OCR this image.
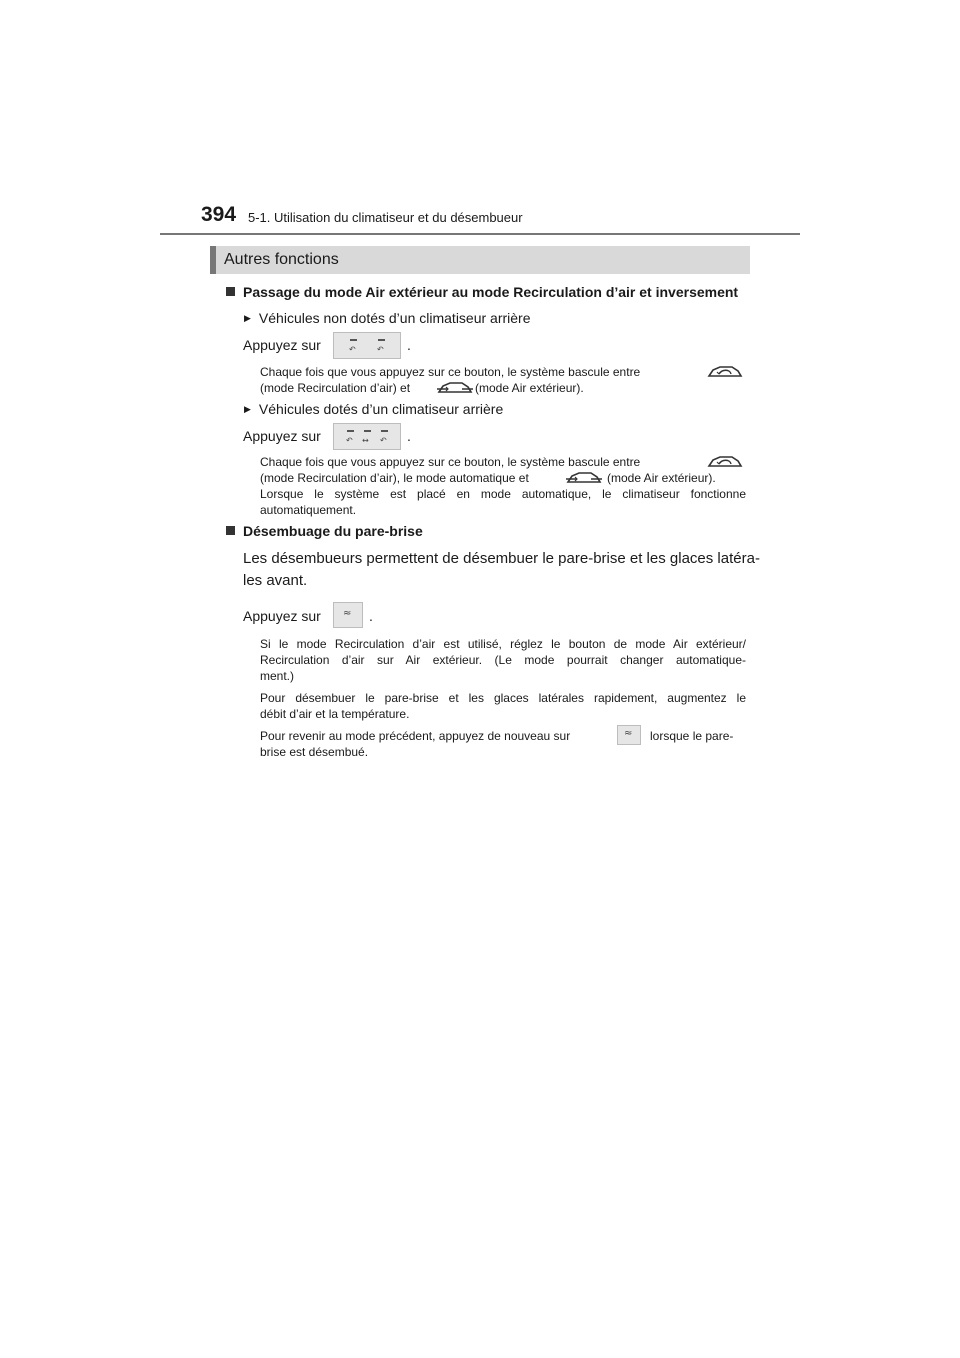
394 5-1. Utilisation du climatiseur et du désembueur
Autres fonctions
Passage du mode Air extérieur au mode Recirculation d’air et inversement
▶ Véhicules non dotés d’un climatiseur arrière
Appuyez sur	↶	↶ .
Chaque fois que vous appuyez sur ce bouton, le système bascule entre
(mode Recirculation d’air) et	(mode Air extérieur).
▶ Véhicules dotés d’un climatiseur arrière
Appuyez sur	↶ ↔ ↶ .
Chaque fois que vous appuyez sur ce bouton, le système bascule entre
(mode Recirculation d’air), le mode automatique et	(mode Air extérieur).
Lorsque le système est placé en mode automatique, le climatiseur fonctionne
automatiquement.
Désembuage du pare-brise
Les désembueurs permettent de désembuer le pare-brise et les glaces latéra-
les avant.
Appuyez sur ≈ .
Si le mode Recirculation d’air est utilisé, réglez le bouton de mode Air extérieur/
Recirculation d’air sur Air extérieur. (Le mode pourrait changer automatique-
ment.)
Pour désembuer le pare-brise et les glaces latérales rapidement, augmentez le
débit d’air et la température.
Pour revenir au mode précédent, appuyez de nouveau sur	≈ lorsque le pare-
brise est désembué.
